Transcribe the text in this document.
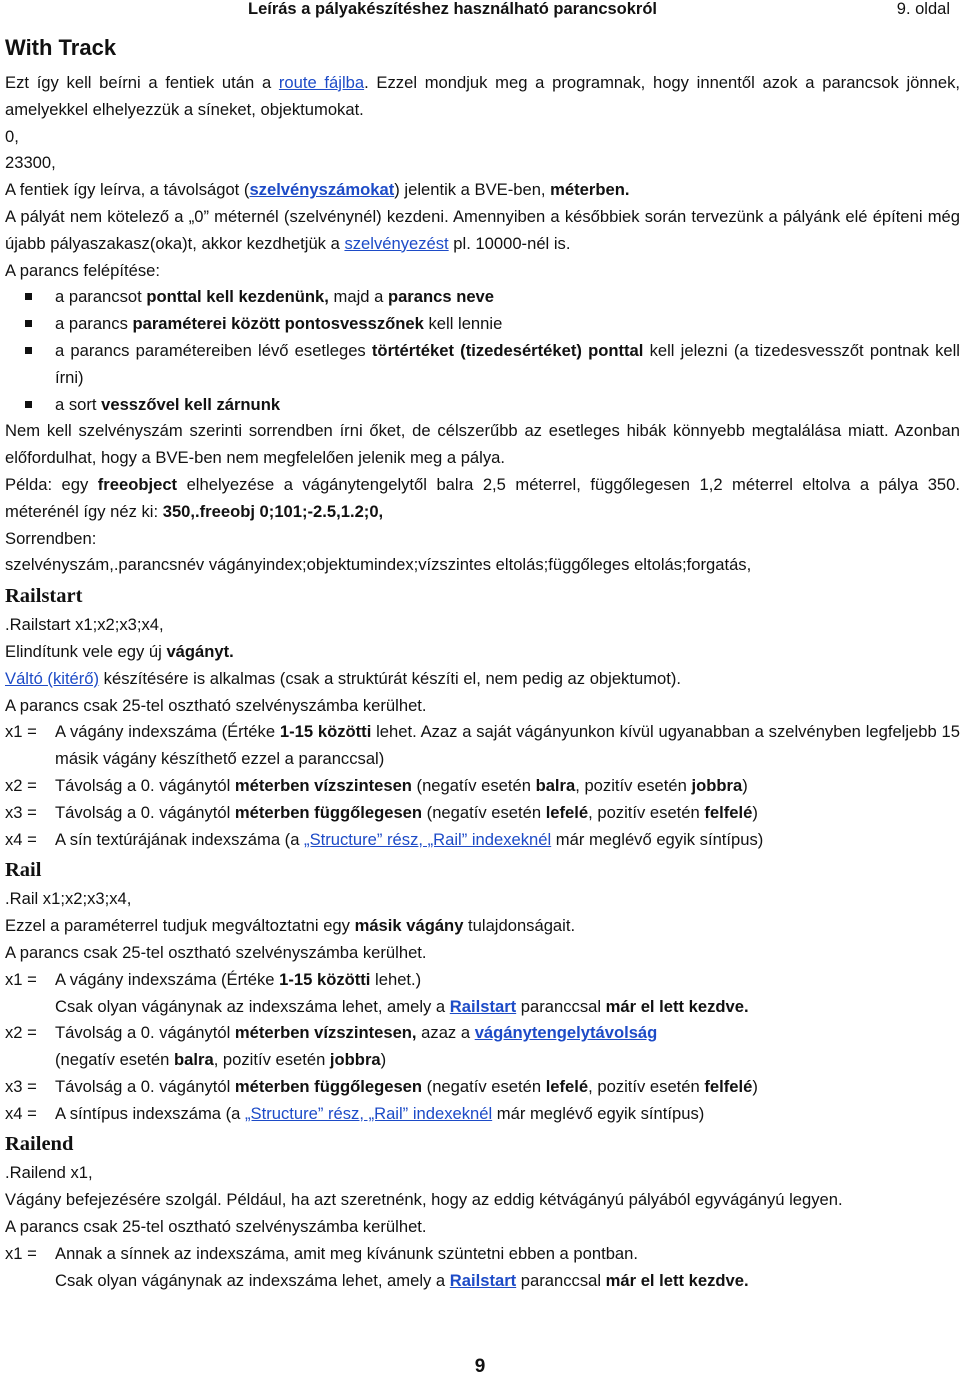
Leírás a pályakészítéshez használható parancsokról	9. oldal

With Track

Ezt így kell beírni a fentiek után a route fájlba. Ezzel mondjuk meg a programnak, hogy innentől azok a parancsok jönnek, amelyekkel elhelyezzük a síneket, objektumokat.

0,

23300,

A fentiek így leírva, a távolságot (szelvényszámokat) jelentik a BVE-ben, méterben.

A pályát nem kötelező a „0” méternél (szelvénynél) kezdeni. Amennyiben a későbbiek során tervezünk a pályánk elé építeni még újabb pályaszakasz(oka)t, akkor kezdhetjük a szelvényezést pl. 10000-nél is.

A parancs felépítése:

a parancsot ponttal kell kezdenünk, majd a parancs neve
a parancs paraméterei között pontosvesszőnek kell lennie
a parancs paramétereiben lévő esetleges törtértéket (tizedesértéket) ponttal kell jelezni (a tizedesvesszőt pontnak kell írni)
a sort vesszővel kell zárnunk

Nem kell szelvényszám szerinti sorrendben írni őket, de célszerűbb az esetleges hibák könnyebb megtalálása miatt. Azonban előfordulhat, hogy a BVE-ben nem megfelelően jelenik meg a pálya.

Példa: egy freeobject elhelyezése a vágánytengelytől balra 2,5 méterrel, függőlegesen 1,2 méterrel eltolva a pálya 350. méterénél így néz ki: 350,.freeobj 0;101;-2.5,1.2;0,

Sorrendben:

szelvényszám,.parancsnév vágányindex;objektumindex;vízszintes eltolás;függőleges eltolás;forgatás,

Railstart

.Railstart x1;x2;x3;x4,

Elindítunk vele egy új vágányt.

Váltó (kitérő) készítésére is alkalmas (csak a struktúrát készíti el, nem pedig az objektumot).

A parancs csak 25-tel osztható szelvényszámba kerülhet.

x1 = A vágány indexszáma (Értéke 1-15 közötti lehet. Azaz a saját vágányunkon kívül ugyanabban a szelvényben legfeljebb 15 másik vágány készíthető ezzel a paranccsal)
x2 = Távolság a 0. vágánytól méterben vízszintesen (negatív esetén balra, pozitív esetén jobbra)
x3 = Távolság a 0. vágánytól méterben függőlegesen (negatív esetén lefelé, pozitív esetén felfelé)
x4 = A sín textúrájának indexszáma (a „Structure” rész, „Rail” indexeknél már meglévő egyik síntípus)

Rail

.Rail x1;x2;x3;x4,

Ezzel a paraméterrel tudjuk megváltoztatni egy másik vágány tulajdonságait.

A parancs csak 25-tel osztható szelvényszámba kerülhet.

x1 = A vágány indexszáma (Értéke 1-15 közötti lehet.)
Csak olyan vágánynak az indexszáma lehet, amely a Railstart paranccsal már el lett kezdve.
x2 = Távolság a 0. vágánytól méterben vízszintesen, azaz a vágánytengelytávolság
(negatív esetén balra, pozitív esetén jobbra)
x3 = Távolság a 0. vágánytól méterben függőlegesen (negatív esetén lefelé, pozitív esetén felfelé)
x4 = A síntípus indexszáma (a „Structure” rész, „Rail” indexeknél már meglévő egyik síntípus)

Railend

.Railend x1,

Vágány befejezésére szolgál. Például, ha azt szeretnénk, hogy az eddig kétvágányú pályából egyvágányú legyen.

A parancs csak 25-tel osztható szelvényszámba kerülhet.

x1 = Annak a sínnek az indexszáma, amit meg kívánunk szüntetni ebben a pontban.
Csak olyan vágánynak az indexszáma lehet, amely a Railstart paranccsal már el lett kezdve.
9
